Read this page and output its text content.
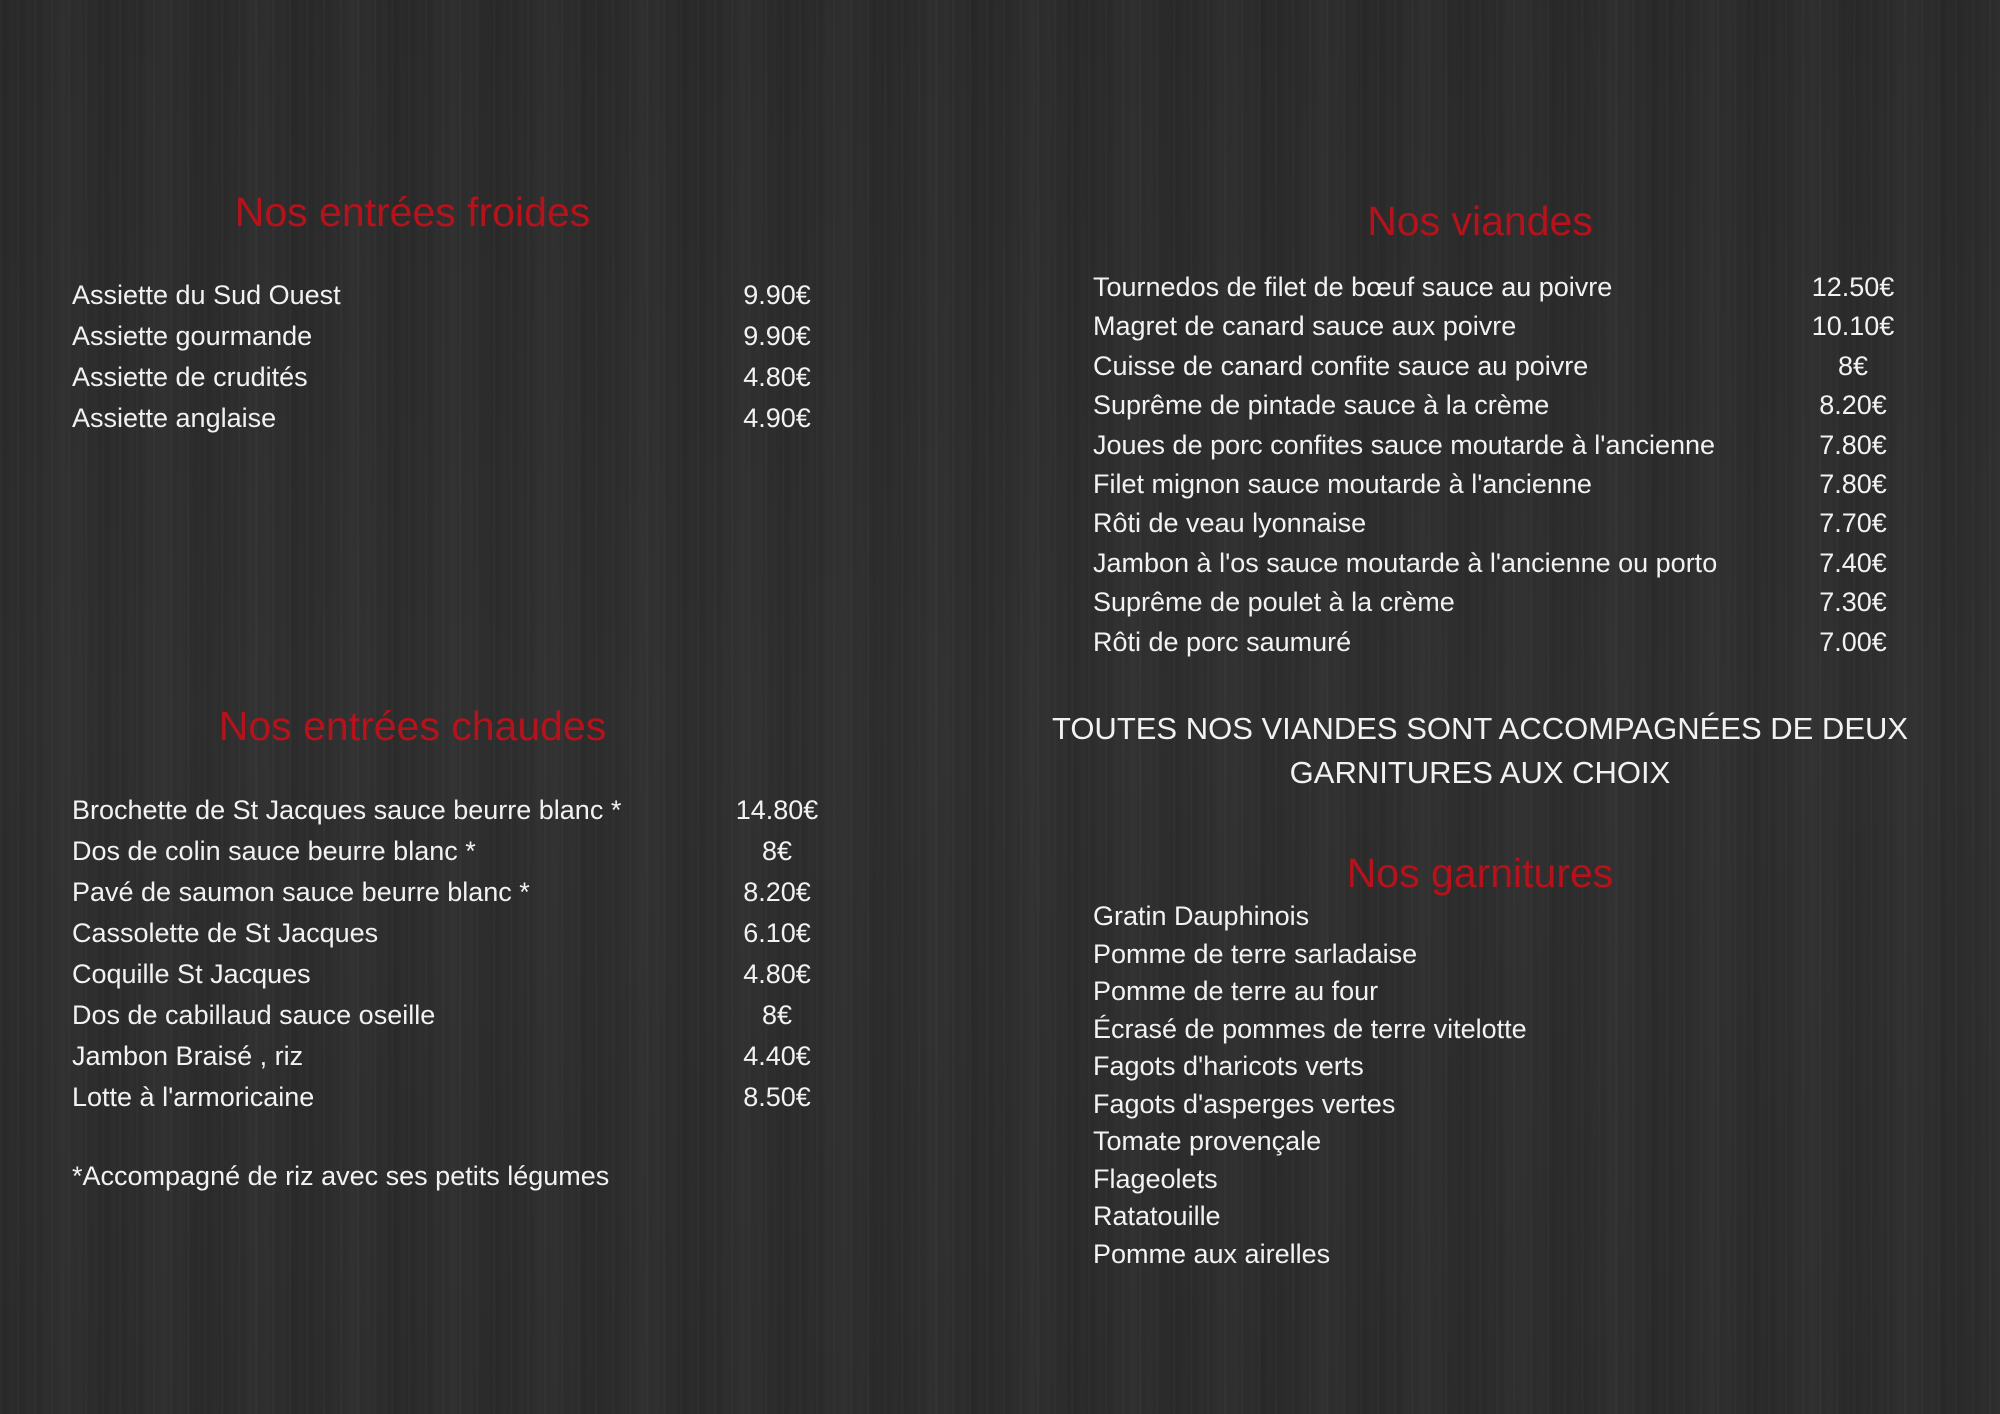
Nos entrées froides
Assiette du Sud Ouest	9.90€
Assiette gourmande	9.90€
Assiette de crudités	4.80€
Assiette anglaise	4.90€
Nos entrées chaudes
Brochette de St Jacques sauce beurre blanc *	14.80€
Dos de colin sauce beurre blanc *	8€
Pavé de saumon sauce beurre blanc *	8.20€
Cassolette de St Jacques	6.10€
Coquille St Jacques	4.80€
Dos de cabillaud sauce oseille	8€
Jambon Braisé , riz	4.40€
Lotte à l'armoricaine	8.50€
*Accompagné de riz avec ses petits légumes
Nos viandes
Tournedos de filet de bœuf sauce au poivre	12.50€
Magret de canard sauce aux poivre	10.10€
Cuisse de canard confite sauce au poivre	8€
Suprême de pintade sauce à la crème	8.20€
Joues de porc confites sauce moutarde à l'ancienne	7.80€
Filet mignon sauce moutarde à l'ancienne	7.80€
Rôti de veau lyonnaise	7.70€
Jambon à l'os sauce moutarde à l'ancienne ou porto	7.40€
Suprême de poulet à la crème	7.30€
Rôti de porc saumuré	7.00€
TOUTES NOS VIANDES SONT ACCOMPAGNÉES DE DEUX
GARNITURES AUX CHOIX
Nos garnitures
Gratin Dauphinois
Pomme de terre sarladaise
Pomme de terre au four
Écrasé de pommes de terre vitelotte
Fagots d'haricots verts
Fagots d'asperges vertes
Tomate provençale
Flageolets
Ratatouille
Pomme aux airelles
